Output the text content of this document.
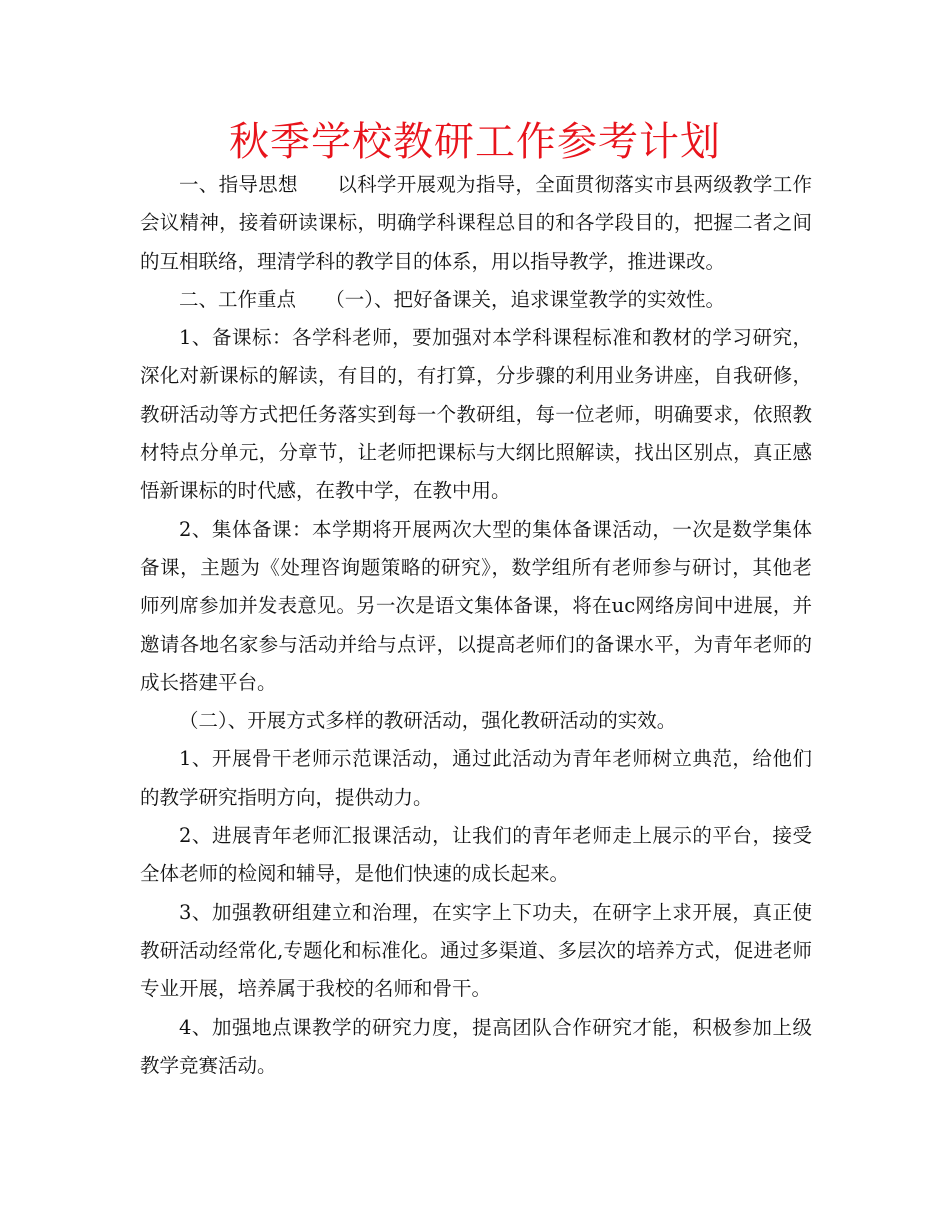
秋季学校教研工作参考计划

一、指导思想　　以科学开展观为指导，全面贯彻落实市县两级教学工作会议精神，接着研读课标，明确学科课程总目的和各学段目的，把握二者之间的互相联络，理清学科的教学目的体系，用以指导教学，推进课改。

二、工作重点　　（一）、把好备课关，追求课堂教学的实效性。

1、备课标：各学科老师，要加强对本学科课程标准和教材的学习研究，深化对新课标的解读，有目的，有打算，分步骤的利用业务讲座，自我研修，教研活动等方式把任务落实到每一个教研组，每一位老师，明确要求，依照教材特点分单元，分章节，让老师把课标与大纲比照解读，找出区别点，真正感悟新课标的时代感，在教中学，在教中用。

2、集体备课：本学期将开展两次大型的集体备课活动，一次是数学集体备课，主题为《处理咨询题策略的研究》，数学组所有老师参与研讨，其他老师列席参加并发表意见。另一次是语文集体备课，将在uc网络房间中进展，并邀请各地名家参与活动并给与点评，以提高老师们的备课水平，为青年老师的成长搭建平台。

（二）、开展方式多样的教研活动，强化教研活动的实效。

1、开展骨干老师示范课活动，通过此活动为青年老师树立典范，给他们的教学研究指明方向，提供动力。

2、进展青年老师汇报课活动，让我们的青年老师走上展示的平台，接受全体老师的检阅和辅导，是他们快速的成长起来。

3、加强教研组建立和治理，在实字上下功夫，在研字上求开展，真正使教研活动经常化,专题化和标准化。通过多渠道、多层次的培养方式，促进老师专业开展，培养属于我校的名师和骨干。

4、加强地点课教学的研究力度，提高团队合作研究才能，积极参加上级教学竞赛活动。
